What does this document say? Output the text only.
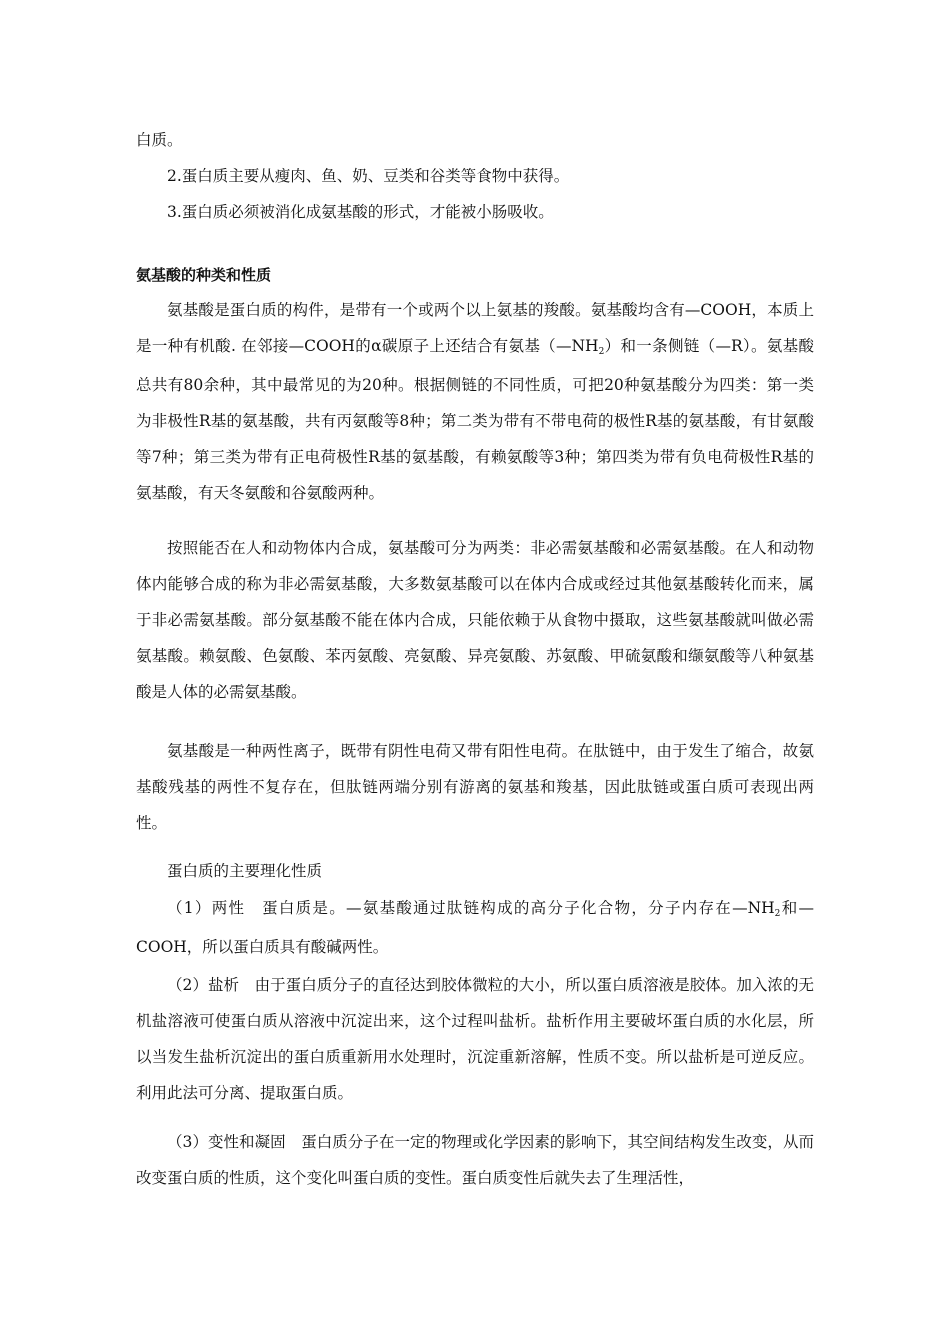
白质。
2.蛋白质主要从瘦肉、鱼、奶、豆类和谷类等食物中获得。
3.蛋白质必须被消化成氨基酸的形式，才能被小肠吸收。
氨基酸的种类和性质
氨基酸是蛋白质的构件，是带有一个或两个以上氨基的羧酸。氨基酸均含有—COOH，本质上是一种有机酸. 在邻接—COOH的α碳原子上还结合有氨基$(—NH_2)$和一条侧链（—R）。氨基酸总共有80余种，其中最常见的为20种。根据侧链的不同性质，可把20种氨基酸分为四类：第一类为非极性R基的氨基酸，共有丙氨酸等8种；第二类为带有不带电荷的极性R基的氨基酸，有甘氨酸等7种；第三类为带有正电荷极性R基的氨基酸，有赖氨酸等3种；第四类为带有负电荷极性R基的氨基酸，有天冬氨酸和谷氨酸两种。
按照能否在人和动物体内合成，氨基酸可分为两类：非必需氨基酸和必需氨基酸。在人和动物体内能够合成的称为非必需氨基酸，大多数氨基酸可以在体内合成或经过其他氨基酸转化而来，属于非必需氨基酸。部分氨基酸不能在体内合成，只能依赖于从食物中摄取，这些氨基酸就叫做必需氨基酸。赖氨酸、色氨酸、苯丙氨酸、亮氨酸、异亮氨酸、苏氨酸、甲硫氨酸和缬氨酸等八种氨基酸是人体的必需氨基酸。
氨基酸是一种两性离子，既带有阴性电荷又带有阳性电荷。在肽链中，由于发生了缩合，故氨基酸残基的两性不复存在，但肽链两端分别有游离的氨基和羧基，因此肽链或蛋白质可表现出两性。
蛋白质的主要理化性质
（1）两性　蛋白质是。—氨基酸通过肽链构成的高分子化合物，分子内存在$—NH_2$和—COOH，所以蛋白质具有酸碱两性。
（2）盐析　由于蛋白质分子的直径达到胶体微粒的大小，所以蛋白质溶液是胶体。加入浓的无机盐溶液可使蛋白质从溶液中沉淀出来，这个过程叫盐析。盐析作用主要破坏蛋白质的水化层，所以当发生盐析沉淀出的蛋白质重新用水处理时，沉淀重新溶解，性质不变。所以盐析是可逆反应。利用此法可分离、提取蛋白质。
（3）变性和凝固　蛋白质分子在一定的物理或化学因素的影响下，其空间结构发生改变，从而改变蛋白质的性质，这个变化叫蛋白质的变性。蛋白质变性后就失去了生理活性，
